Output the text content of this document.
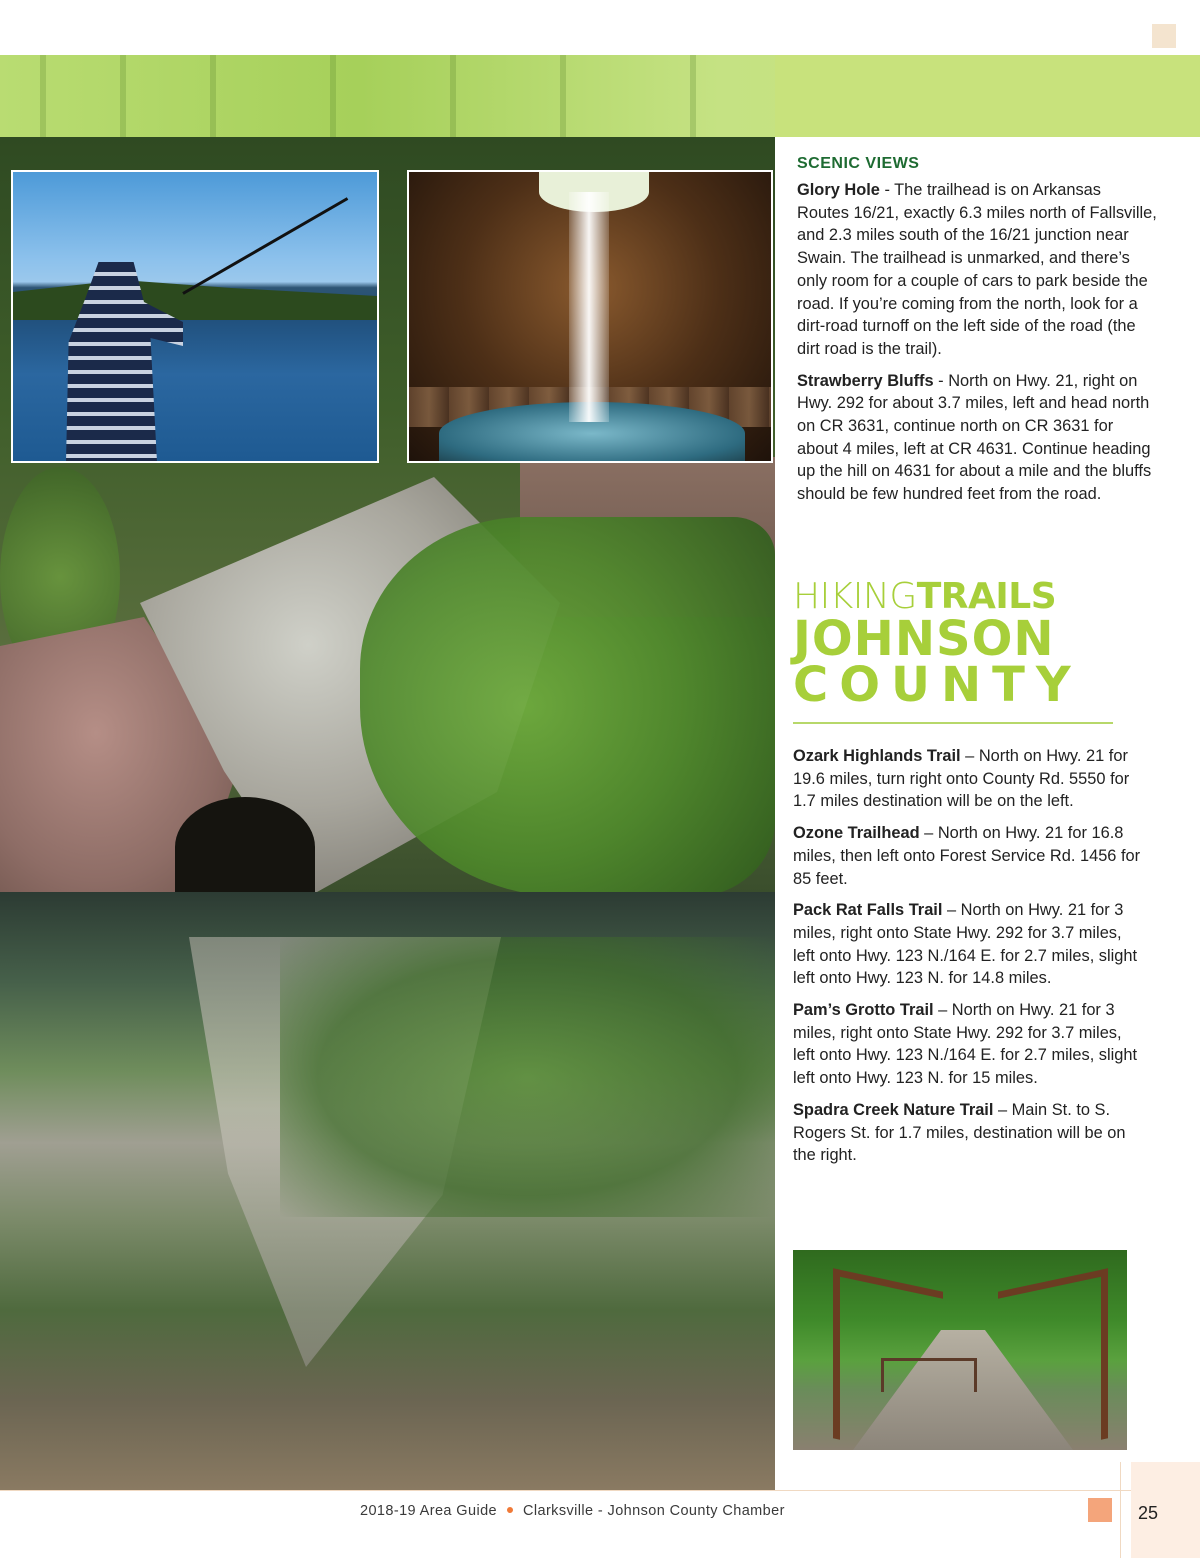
SCENIC VIEWS

Glory Hole - The trailhead is on Arkansas Routes 16/21, exactly 6.3 miles north of Fallsville, and 2.3 miles south of the 16/21 junction near Swain. The trailhead is unmarked, and there’s only room for a couple of cars to park beside the road. If you’re coming from the north, look for a dirt-road turnoff on the left side of the road (the dirt road is the trail).

Strawberry Bluffs - North on Hwy. 21, right on Hwy. 292 for about 3.7 miles, left and head north on CR 3631, continue north on CR 3631 for about 4 miles, left at CR 4631. Continue heading up the hill on 4631 for about a mile and the bluffs should be few hundred feet from the road.

HIKINGTRAILS
JOHNSON
COUNTY

Ozark Highlands Trail – North on Hwy. 21 for 19.6 miles, turn right onto County Rd. 5550 for 1.7 miles destination will be on the left.

Ozone Trailhead – North on Hwy. 21 for 16.8 miles, then left onto Forest Service Rd. 1456 for 85 feet.

Pack Rat Falls Trail – North on Hwy. 21 for 3 miles, right onto State Hwy. 292 for 3.7 miles, left onto Hwy. 123 N./164 E. for 2.7 miles, slight left onto Hwy. 123 N. for 14.8 miles.

Pam’s Grotto Trail – North on Hwy. 21 for 3 miles, right onto State Hwy. 292 for 3.7 miles, left onto Hwy. 123 N./164 E. for 2.7 miles, slight left onto Hwy. 123 N. for 15 miles.

Spadra Creek Nature Trail – Main St. to S. Rogers St. for 1.7 miles, destination will be on the right.

2018-19 Area Guide Clarksville - Johnson County Chamber	25
